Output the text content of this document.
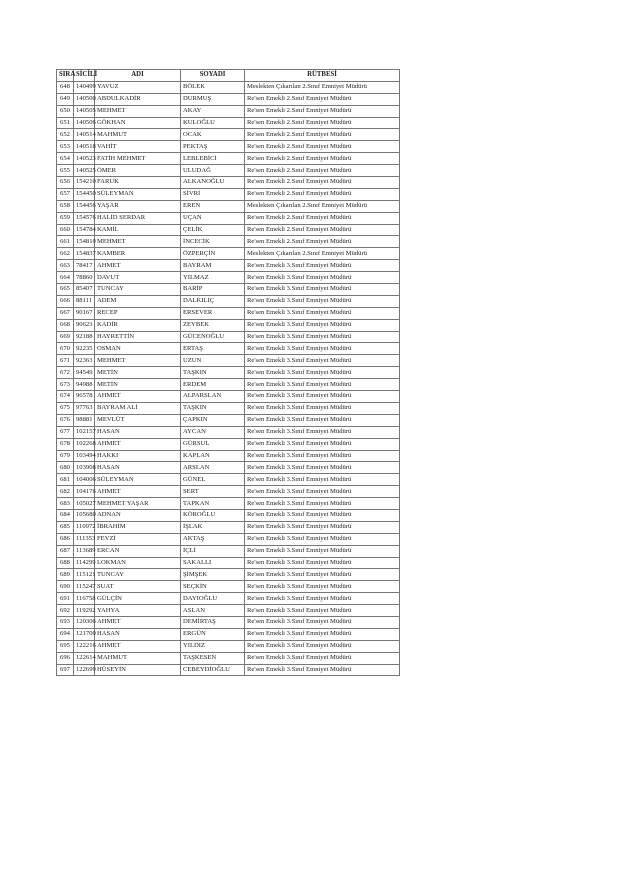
SIRA	SİCİLİ	ADI	SOYADI	RÜTBESİ
648	140499	YAVUZ	BÖLEK	Meslekten Çıkarılan 2.Sınıf Emniyet Müdürü
649	140500	ABDULKADİR	DURMUŞ	Re'sen Emekli 2.Sınıf Emniyet Müdürü
650	140505	MEHMET	AKAY	Re'sen Emekli 2.Sınıf Emniyet Müdürü
651	140506	GÖKHAN	KULOĞLU	Re'sen Emekli 2.Sınıf Emniyet Müdürü
652	140514	MAHMUT	OCAK	Re'sen Emekli 2.Sınıf Emniyet Müdürü
653	140518	VAHİT	PEKTAŞ	Re'sen Emekli 2.Sınıf Emniyet Müdürü
654	140523	FATİH MEHMET	LEBLEBİCİ	Re'sen Emekli 2.Sınıf Emniyet Müdürü
655	140525	ÖMER	ULUDAĞ	Re'sen Emekli 2.Sınıf Emniyet Müdürü
656	154210	FARUK	ALKANOĞLU	Re'sen Emekli 2.Sınıf Emniyet Müdürü
657	154450	SÜLEYMAN	SİVRİ	Re'sen Emekli 2.Sınıf Emniyet Müdürü
658	154456	YAŞAR	EREN	Meslekten Çıkarılan 2.Sınıf Emniyet Müdürü
659	154576	HALİD SERDAR	UÇAN	Re'sen Emekli 2.Sınıf Emniyet Müdürü
660	154784	KAMİL	ÇELİK	Re'sen Emekli 2.Sınıf Emniyet Müdürü
661	154810	MEHMET	İNCECİK	Re'sen Emekli 2.Sınıf Emniyet Müdürü
662	154837	KAMBER	ÖZPERÇİN	Meslekten Çıkarılan 2.Sınıf Emniyet Müdürü
663	78417	AHMET	BAYRAM	Re'sen Emekli 3.Sınıf Emniyet Müdürü
664	78860	DAVUT	YILMAZ	Re'sen Emekli 3.Sınıf Emniyet Müdürü
665	85407	TUNCAY	BARİP	Re'sen Emekli 3.Sınıf Emniyet Müdürü
666	88111	ADEM	DALKILIÇ	Re'sen Emekli 3.Sınıf Emniyet Müdürü
667	90167	RECEP	ERSEVER	Re'sen Emekli 3.Sınıf Emniyet Müdürü
668	90623	KADİR	ZEYBEK	Re'sen Emekli 3.Sınıf Emniyet Müdürü
669	92188	HAYRETTİN	GÜCENOĞLU	Re'sen Emekli 3.Sınıf Emniyet Müdürü
670	92235	OSMAN	ERTAŞ	Re'sen Emekli 3.Sınıf Emniyet Müdürü
671	92363	MEHMET	UZUN	Re'sen Emekli 3.Sınıf Emniyet Müdürü
672	94549	METİN	TAŞKIN	Re'sen Emekli 3.Sınıf Emniyet Müdürü
673	94988	METİN	ERDEM	Re'sen Emekli 3.Sınıf Emniyet Müdürü
674	96578	AHMET	ALPARSLAN	Re'sen Emekli 3.Sınıf Emniyet Müdürü
675	97763	BAYRAM ALİ	TAŞKIN	Re'sen Emekli 3.Sınıf Emniyet Müdürü
676	98881	MEVLÜT	ÇAPKIN	Re'sen Emekli 3.Sınıf Emniyet Müdürü
677	102157	HASAN	AYCAN	Re'sen Emekli 3.Sınıf Emniyet Müdürü
678	102268	AHMET	GÜRSUL	Re'sen Emekli 3.Sınıf Emniyet Müdürü
679	103494	HAKKI	KAPLAN	Re'sen Emekli 3.Sınıf Emniyet Müdürü
680	103908	HASAN	ARSLAN	Re'sen Emekli 3.Sınıf Emniyet Müdürü
681	104006	SÜLEYMAN	GÜNEL	Re'sen Emekli 3.Sınıf Emniyet Müdürü
682	104176	AHMET	SERT	Re'sen Emekli 3.Sınıf Emniyet Müdürü
683	105027	MEHMET YAŞAR	TAPKAN	Re'sen Emekli 3.Sınıf Emniyet Müdürü
684	105680	ADNAN	KÖROĞLU	Re'sen Emekli 3.Sınıf Emniyet Müdürü
685	110972	İBRAHİM	İŞLAK	Re'sen Emekli 3.Sınıf Emniyet Müdürü
686	111353	FEVZİ	AKTAŞ	Re'sen Emekli 3.Sınıf Emniyet Müdürü
687	113689	ERCAN	İÇLİ	Re'sen Emekli 3.Sınıf Emniyet Müdürü
688	114299	LOKMAN	SAKALLI	Re'sen Emekli 3.Sınıf Emniyet Müdürü
689	115121	TUNCAY	ŞİMŞEK	Re'sen Emekli 3.Sınıf Emniyet Müdürü
690	115247	SUAT	SEÇKİN	Re'sen Emekli 3.Sınıf Emniyet Müdürü
691	116758	GÜLÇİN	DAYIOĞLU	Re'sen Emekli 3.Sınıf Emniyet Müdürü
692	119292	YAHYA	ASLAN	Re'sen Emekli 3.Sınıf Emniyet Müdürü
693	120306	AHMET	DEMİRTAŞ	Re'sen Emekli 3.Sınıf Emniyet Müdürü
694	121700	HASAN	ERGÜN	Re'sen Emekli 3.Sınıf Emniyet Müdürü
695	122216	AHMET	YILDIZ	Re'sen Emekli 3.Sınıf Emniyet Müdürü
696	122614	MAHMUT	TAŞKESEN	Re'sen Emekli 3.Sınıf Emniyet Müdürü
697	122699	HÜSEYİN	CEBEYDİOĞLU	Re'sen Emekli 3.Sınıf Emniyet Müdürü
